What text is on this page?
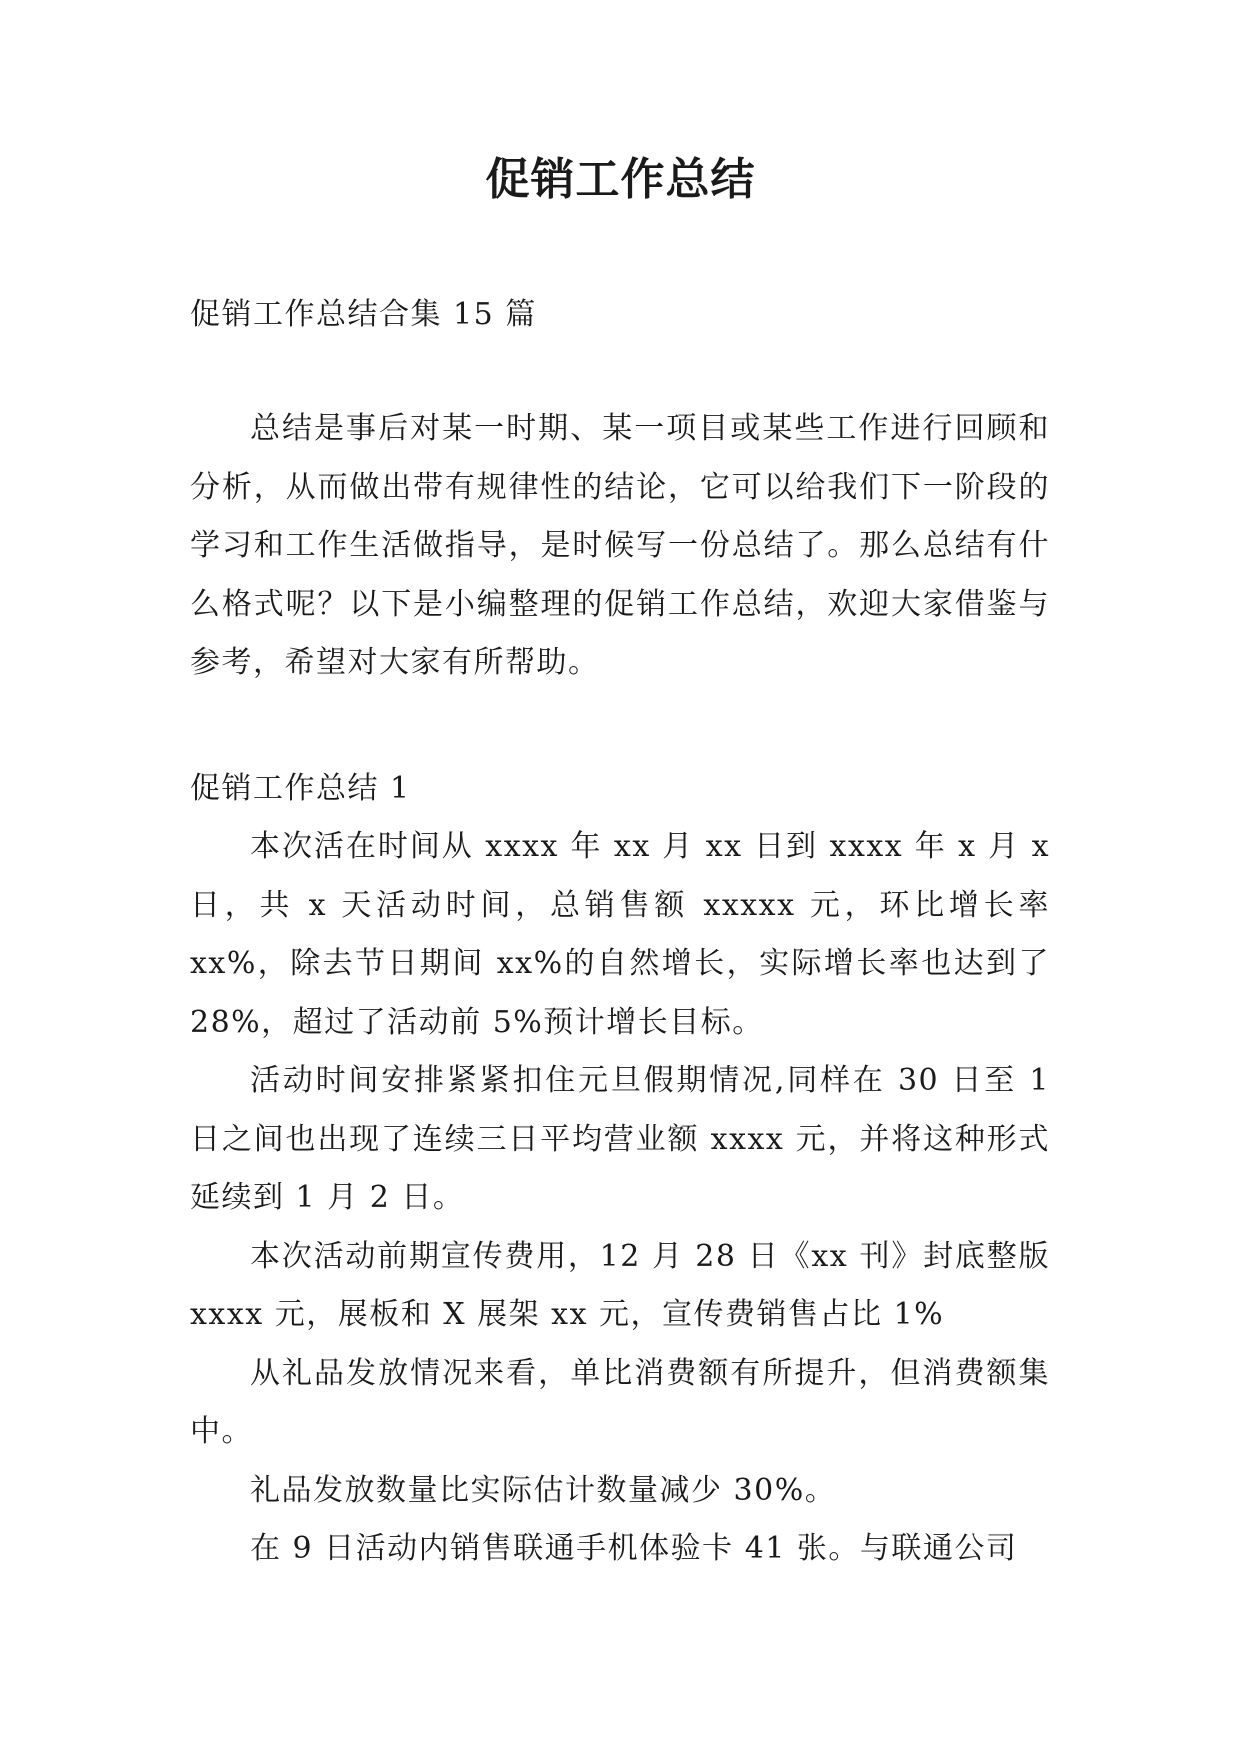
促销工作总结

促销工作总结合集 15 篇

总结是事后对某一时期、某一项目或某些工作进行回顾和分析，从而做出带有规律性的结论，它可以给我们下一阶段的学习和工作生活做指导，是时候写一份总结了。那么总结有什么格式呢？以下是小编整理的促销工作总结，欢迎大家借鉴与参考，希望对大家有所帮助。

促销工作总结 1

本次活在时间从 xxxx 年 xx 月 xx 日到 xxxx 年 x 月 x 日，共 x 天活动时间，总销售额 xxxxx 元，环比增长率 xx%，除去节日期间 xx%的自然增长，实际增长率也达到了 28%，超过了活动前 5%预计增长目标。

活动时间安排紧紧扣住元旦假期情况,同样在 30 日至 1 日之间也出现了连续三日平均营业额 xxxx 元，并将这种形式延续到 1 月 2 日。

本次活动前期宣传费用，12 月 28 日《xx 刊》封底整版 xxxx 元，展板和 X 展架 xx 元，宣传费销售占比 1%

从礼品发放情况来看，单比消费额有所提升，但消费额集中。

礼品发放数量比实际估计数量减少 30%。

在 9 日活动内销售联通手机体验卡 41 张。与联通公司
